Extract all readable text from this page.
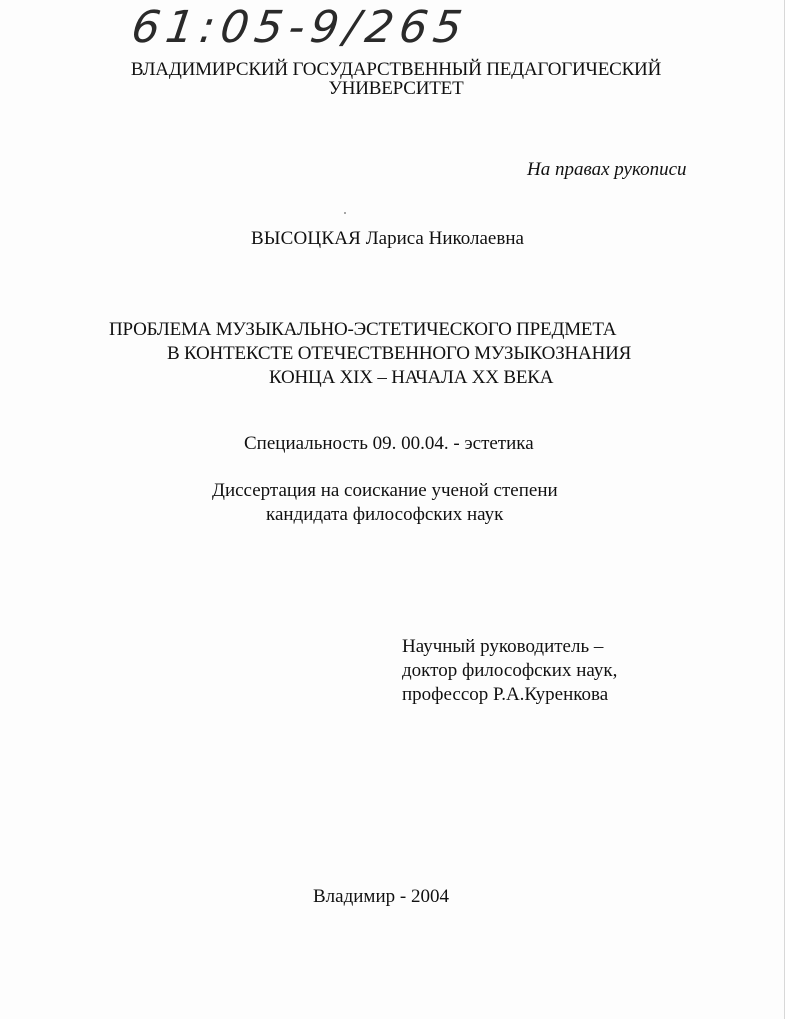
61:05-9/265
ВЛАДИМИРСКИЙ ГОСУДАРСТВЕННЫЙ ПЕДАГОГИЧЕСКИЙ
УНИВЕРСИТЕТ
На правах рукописи
ВЫСОЦКАЯ Лариса Николаевна
ПРОБЛЕМА МУЗЫКАЛЬНО-ЭСТЕТИЧЕСКОГО ПРЕДМЕТА
В КОНТЕКСТЕ ОТЕЧЕСТВЕННОГО МУЗЫКОЗНАНИЯ
КОНЦА XIX – НАЧАЛА XX ВЕКА
Специальность 09. 00.04. - эстетика
Диссертация на соискание ученой степени
кандидата философских наук
Научный руководитель –
доктор философских наук,
профессор Р.А.Куренкова
Владимир - 2004
